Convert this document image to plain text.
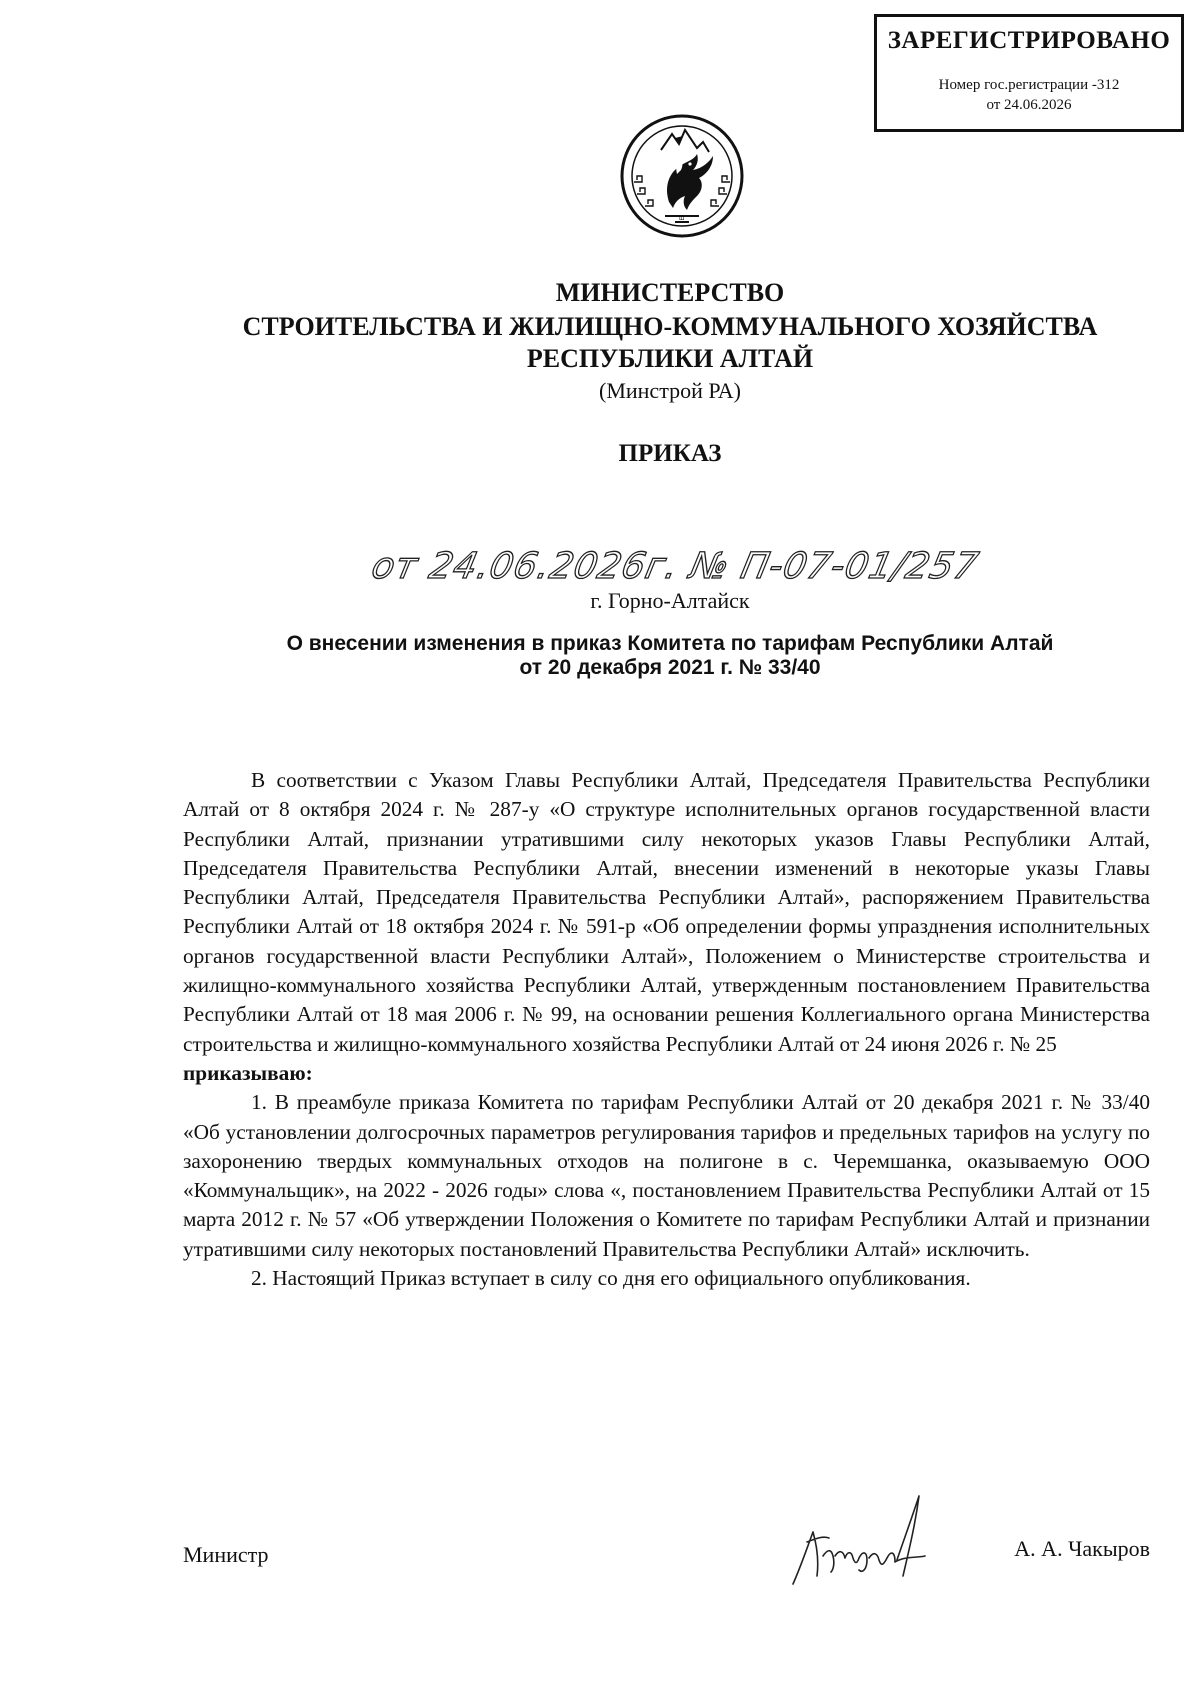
ЗАРЕГИСТРИРОВАНО
Номер гос.регистрации -312
от 24.06.2026
ш
МИНИСТЕРСТВО
СТРОИТЕЛЬСТВА И ЖИЛИЩНО-КОММУНАЛЬНОГО ХОЗЯЙСТВА
РЕСПУБЛИКИ АЛТАЙ
(Минстрой РА)
ПРИКАЗ
от 24.06.2026г. № П-07-01/257
г. Горно-Алтайск
О внесении изменения в приказ Комитета по тарифам Республики Алтай
от 20 декабря 2021 г. № 33/40

В соответствии с Указом Главы Республики Алтай, Председателя Правительства Республики Алтай от 8 октября 2024 г. № 287-у «О структуре исполнительных органов государственной власти Республики Алтай, признании утратившими силу некоторых указов Главы Республики Алтай, Председателя Правительства Республики Алтай, внесении изменений в некоторые указы Главы Республики Алтай, Председателя Правительства Республики Алтай», распоряжением Правительства Республики Алтай от 18 октября 2024 г. № 591-р «Об определении формы упразднения исполнительных органов государственной власти Республики Алтай», Положением о Министерстве строительства и жилищно-коммунального хозяйства Республики Алтай, утвержденным постановлением Правительства Республики Алтай от 18 мая 2006 г. № 99, на основании решения Коллегиального органа Министерства строительства и жилищно-коммунального хозяйства Республики Алтай от 24 июня 2026 г. № 25

приказываю:

1. В преамбуле приказа Комитета по тарифам Республики Алтай от 20 декабря 2021 г. № 33/40 «Об установлении долгосрочных параметров регулирования тарифов и предельных тарифов на услугу по захоронению твердых коммунальных отходов на полигоне в с. Черемшанка, оказываемую ООО «Коммунальщик», на 2022 - 2026 годы» слова «, постановлением Правительства Республики Алтай от 15 марта 2012 г. № 57 «Об утверждении Положения о Комитете по тарифам Республики Алтай и признании утратившими силу некоторых постановлений Правительства Республики Алтай» исключить.

2. Настоящий Приказ вступает в силу со дня его официального опубликования.

Министр	А. А. Чакыров
